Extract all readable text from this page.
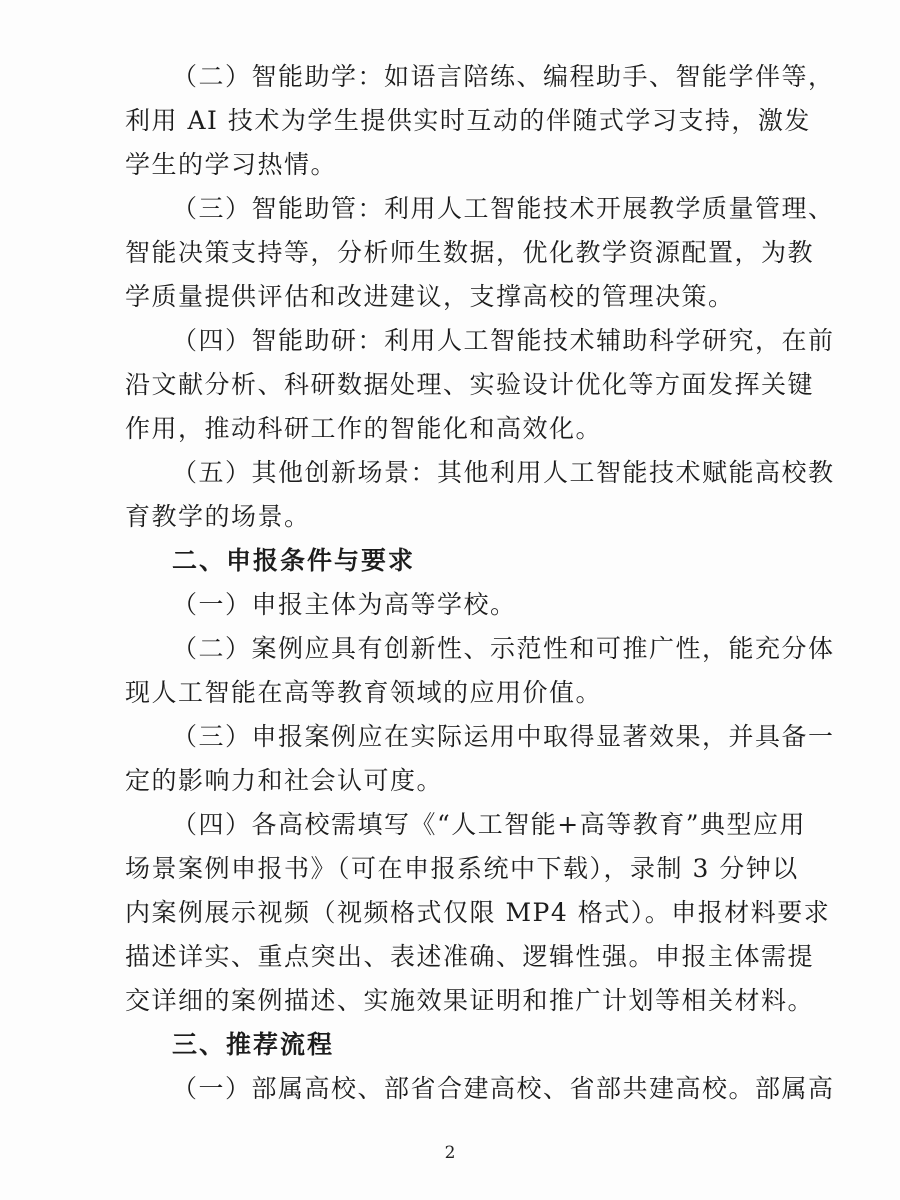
（二）智能助学：如语言陪练、编程助手、智能学伴等，
利用 AI 技术为学生提供实时互动的伴随式学习支持，激发
学生的学习热情。
（三）智能助管：利用人工智能技术开展教学质量管理、
智能决策支持等，分析师生数据，优化教学资源配置，为教
学质量提供评估和改进建议，支撑高校的管理决策。
（四）智能助研：利用人工智能技术辅助科学研究，在前
沿文献分析、科研数据处理、实验设计优化等方面发挥关键
作用，推动科研工作的智能化和高效化。
（五）其他创新场景：其他利用人工智能技术赋能高校教
育教学的场景。
二、申报条件与要求
（一）申报主体为高等学校。
（二）案例应具有创新性、示范性和可推广性，能充分体
现人工智能在高等教育领域的应用价值。
（三）申报案例应在实际运用中取得显著效果，并具备一
定的影响力和社会认可度。
（四）各高校需填写《“人工智能+高等教育”典型应用
场景案例申报书》（可在申报系统中下载），录制 3 分钟以
内案例展示视频（视频格式仅限 MP4 格式）。申报材料要求
描述详实、重点突出、表述准确、逻辑性强。申报主体需提
交详细的案例描述、实施效果证明和推广计划等相关材料。
三、推荐流程
（一）部属高校、部省合建高校、省部共建高校。部属高
2
